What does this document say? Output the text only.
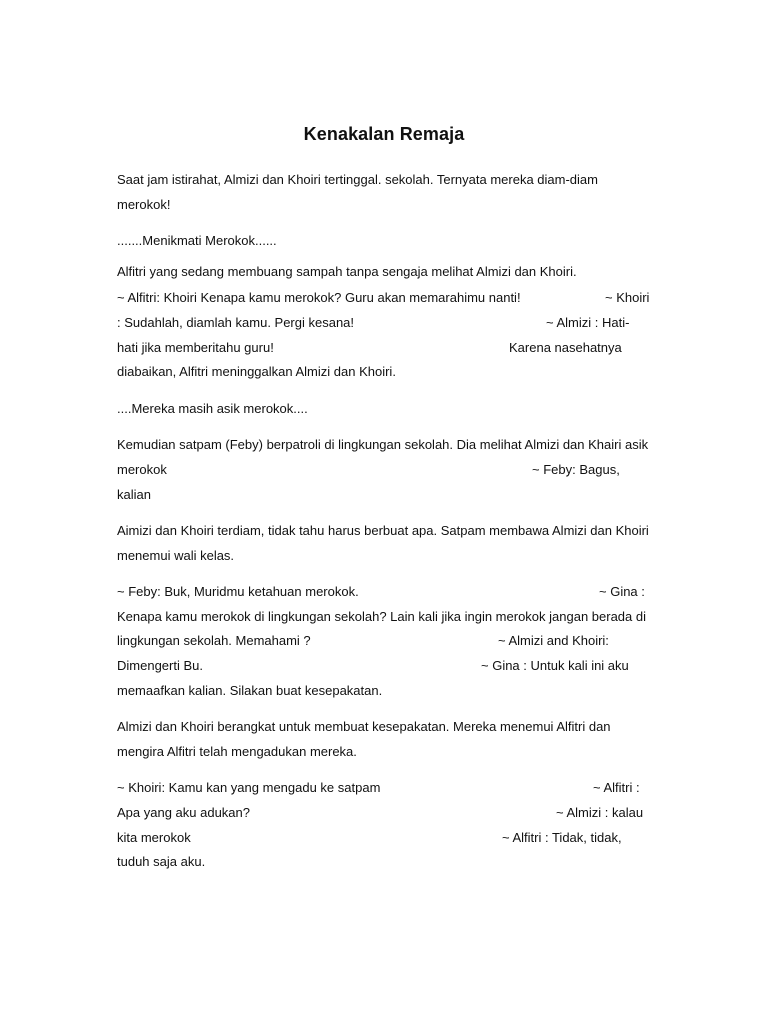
Kenakalan Remaja
Saat jam istirahat, Almizi dan Khoiri tertinggal. sekolah. Ternyata mereka diam-diam
merokok!
.......Menikmati Merokok......
Alfitri yang sedang membuang sampah tanpa sengaja melihat Almizi dan Khoiri.
~ Alfitri: Khoiri Kenapa kamu merokok? Guru akan memarahimu nanti!	~ Khoiri
: Sudahlah, diamlah kamu. Pergi kesana!	~ Almizi : Hati-
hati jika memberitahu guru!	Karena nasehatnya
diabaikan, Alfitri meninggalkan Almizi dan Khoiri.
....Mereka masih asik merokok....
Kemudian satpam (Feby) berpatroli di lingkungan sekolah. Dia melihat Almizi dan Khairi asik
merokok	~ Feby: Bagus,
kalian
Aimizi dan Khoiri terdiam, tidak tahu harus berbuat apa. Satpam membawa Almizi dan Khoiri
menemui wali kelas.
~ Feby: Buk, Muridmu ketahuan merokok.	~ Gina :
Kenapa kamu merokok di lingkungan sekolah? Lain kali jika ingin merokok jangan berada di
lingkungan sekolah. Memahami ?	~ Almizi and Khoiri:
Dimengerti Bu.	~ Gina : Untuk kali ini aku
memaafkan kalian. Silakan buat kesepakatan.
Almizi dan Khoiri berangkat untuk membuat kesepakatan. Mereka menemui Alfitri dan
mengira Alfitri telah mengadukan mereka.
~ Khoiri: Kamu kan yang mengadu ke satpam	~ Alfitri :
Apa yang aku adukan?	~ Almizi : kalau
kita merokok	~ Alfitri : Tidak, tidak,
tuduh saja aku.
